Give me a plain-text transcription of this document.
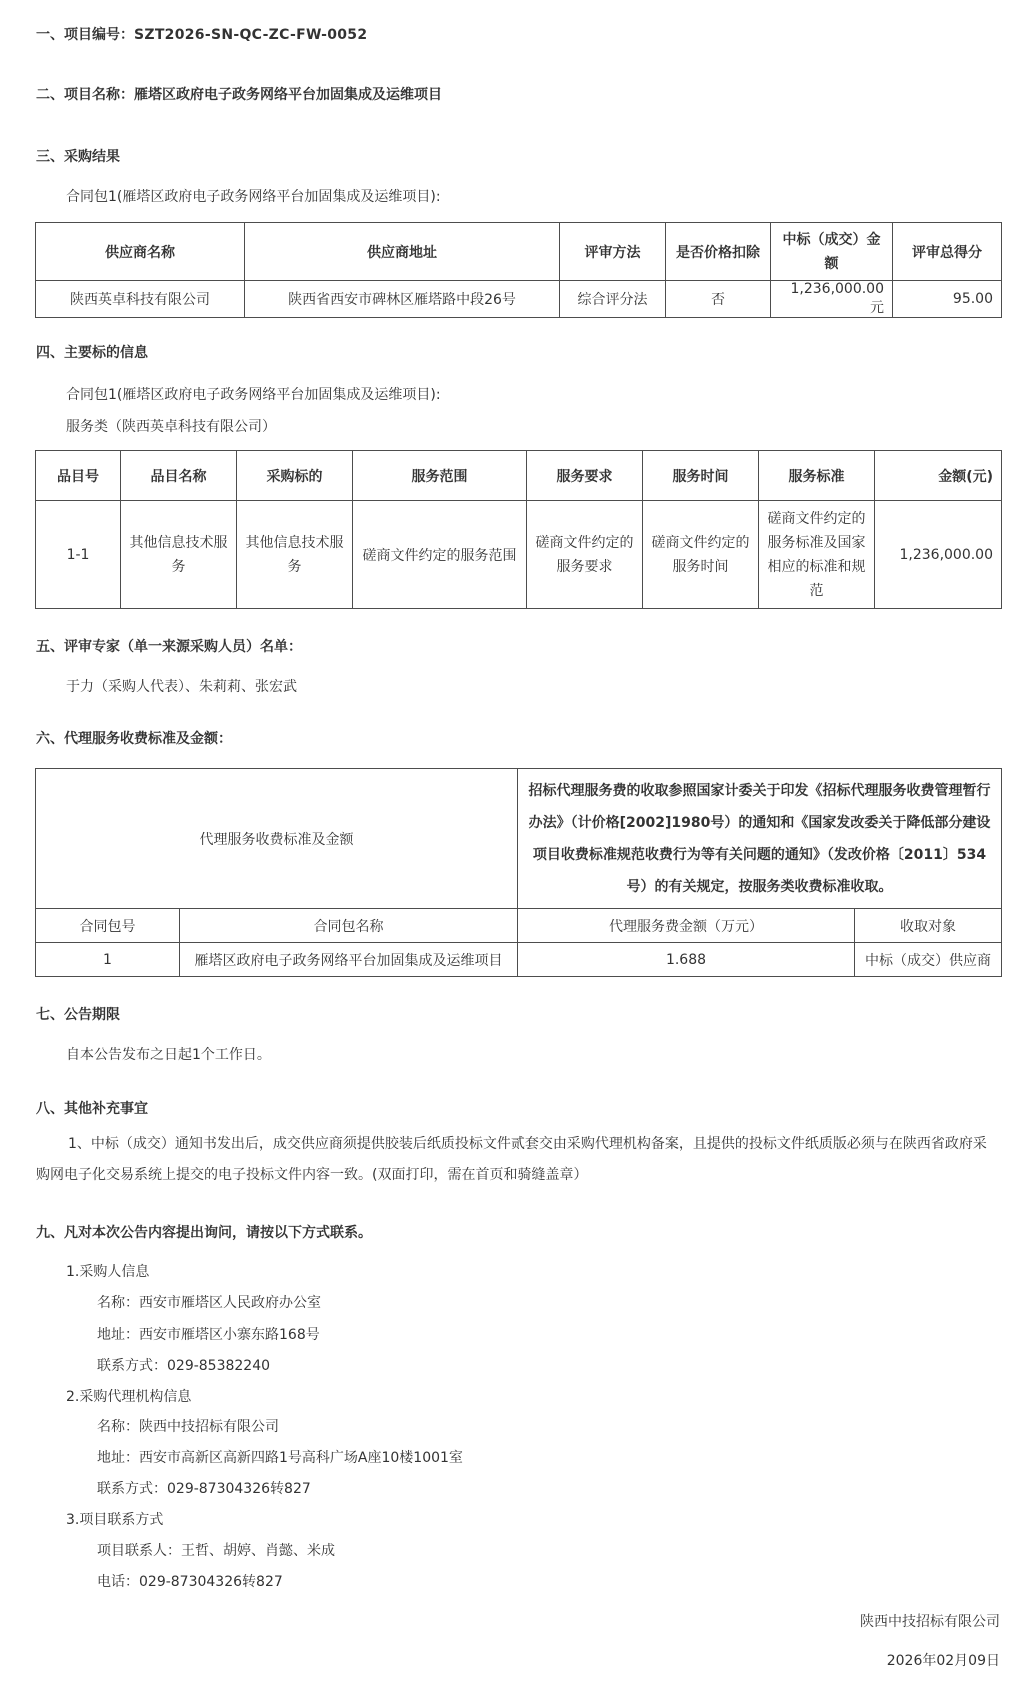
一、项目编号：SZT2026-SN-QC-ZC-FW-0052
二、项目名称：雁塔区政府电子政务网络平台加固集成及运维项目
三、采购结果
合同包1(雁塔区政府电子政务网络平台加固集成及运维项目):
供应商名称	供应商地址	评审方法	是否价格扣除	中标（成交）金额	评审总得分
陕西英卓科技有限公司	陕西省西安市碑林区雁塔路中段26号	综合评分法	否	1,236,000.00元	95.00
四、主要标的信息
合同包1(雁塔区政府电子政务网络平台加固集成及运维项目):
服务类（陕西英卓科技有限公司）
品目号	品目名称	采购标的	服务范围	服务要求	服务时间	服务标准	金额(元)
1-1	其他信息技术服务	其他信息技术服务	磋商文件约定的服务范围	磋商文件约定的服务要求	磋商文件约定的服务时间	磋商文件约定的服务标准及国家相应的标准和规范	1,236,000.00
五、评审专家（单一来源采购人员）名单：
于力（采购人代表）、朱莉莉、张宏武
六、代理服务收费标准及金额：
代理服务收费标准及金额		招标代理服务费的收取参照国家计委关于印发《招标代理服务收费管理暂行办法》（计价格[2002]1980号）的通知和《国家发改委关于降低部分建设项目收费标准规范收费行为等有关问题的通知》（发改价格〔2011〕534号）的有关规定，按服务类收费标准收取。	
合同包号	合同包名称	代理服务费金额（万元）	收取对象
1	雁塔区政府电子政务网络平台加固集成及运维项目	1.688	中标（成交）供应商
七、公告期限
自本公告发布之日起1个工作日。
八、其他补充事宜
1、中标（成交）通知书发出后，成交供应商须提供胶装后纸质投标文件贰套交由采购代理机构备案，且提供的投标文件纸质版必须与在陕西省政府采购网电子化交易系统上提交的电子投标文件内容一致。(双面打印，需在首页和骑缝盖章）
九、凡对本次公告内容提出询问，请按以下方式联系。
1.采购人信息
名称：西安市雁塔区人民政府办公室
地址：西安市雁塔区小寨东路168号
联系方式：029-85382240
2.采购代理机构信息
名称：陕西中技招标有限公司
地址：西安市高新区高新四路1号高科广场A座10楼1001室
联系方式：029-87304326转827
3.项目联系方式
项目联系人：王哲、胡婷、肖懿、米成
电话：029-87304326转827
陕西中技招标有限公司
2026年02月09日
